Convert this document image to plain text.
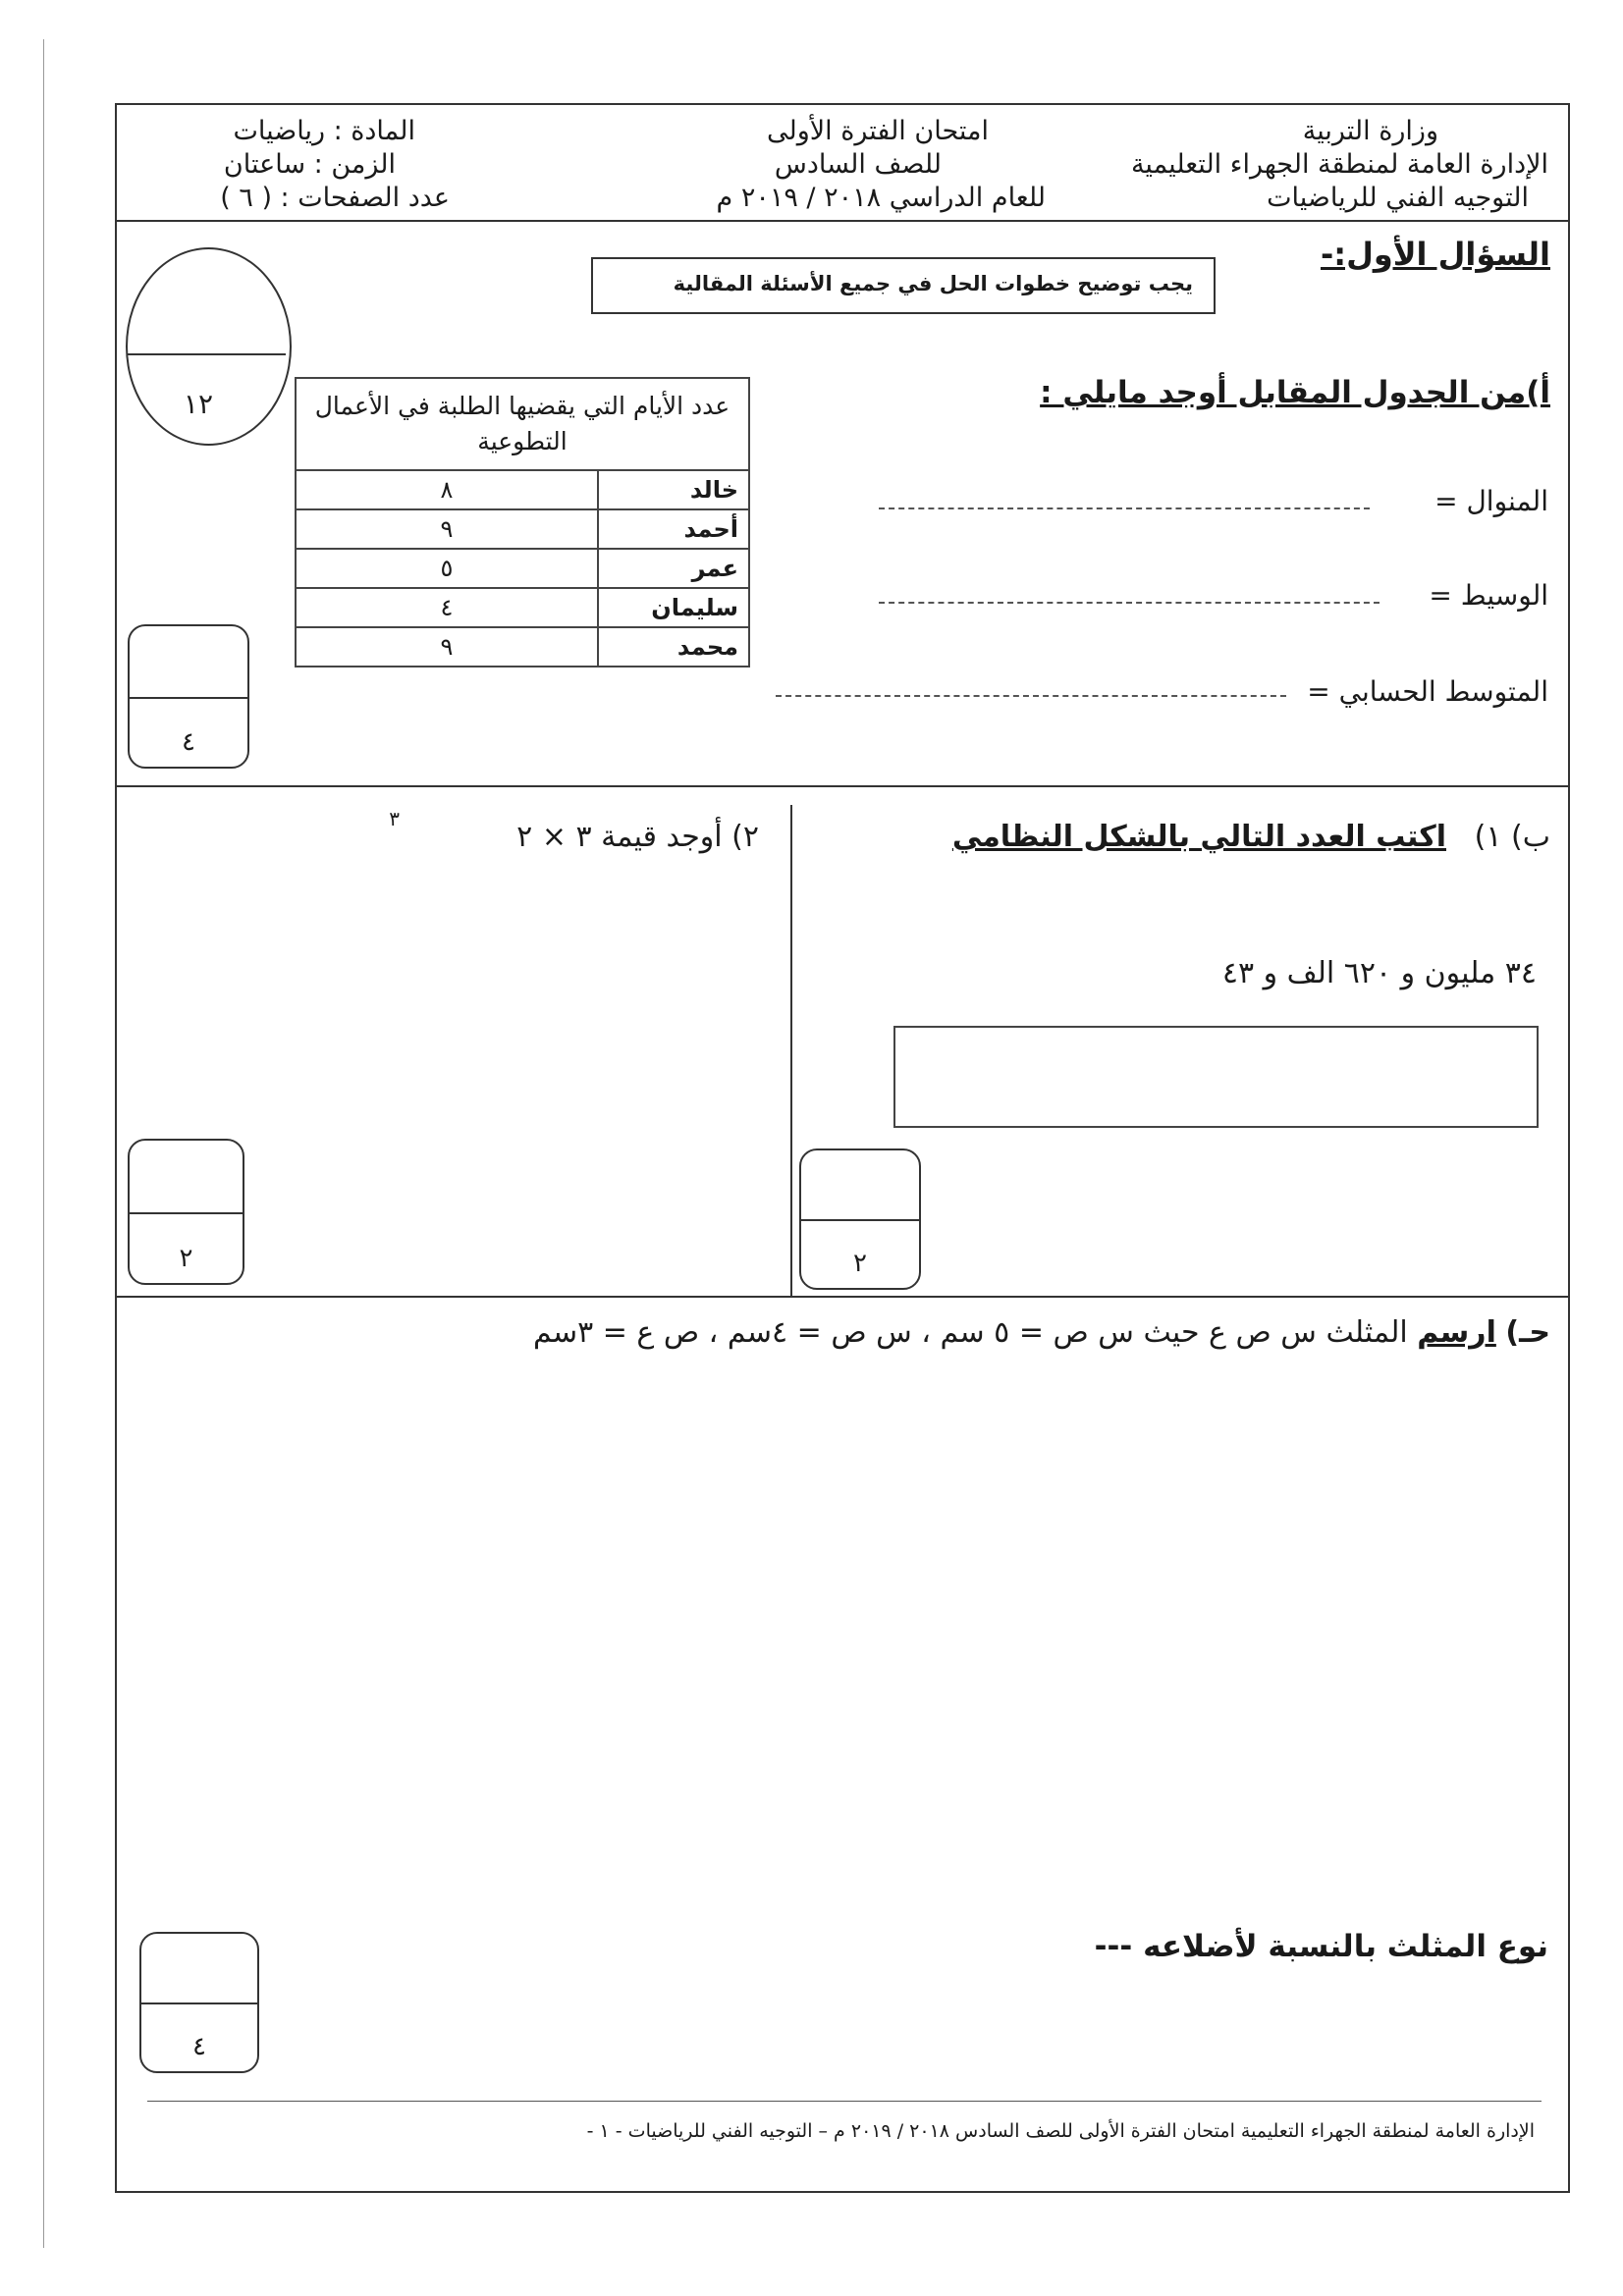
وزارة التربية
الإدارة العامة لمنطقة الجهراء التعليمية
التوجيه الفني للرياضيات
امتحان الفترة الأولى
للصف السادس
للعام الدراسي ٢٠١٨ / ٢٠١٩ م
المادة : رياضيات
الزمن : ساعتان
عدد الصفحات : ( ٦ )
السؤال الأول:-
يجب توضيح خطوات الحل في جميع الأسئلة المقالية
١٢	أ)من الجدول المقابل أوجد مايلي :
عدد الأيام التي يقضيها الطلبة في الأعمال التطوعية	
خالد	٨
أحمد	٩
عمر	٥
سليمان	٤
محمد	٩
المنوال =
الوسيط =
المتوسط الحسابي =
٤
ب) ١)
اكتب العدد التالي بالشكل النظامي
٣٤ مليون و ٦٢٠ الف و ٤٣
٢
٢) أوجد قيمة ٣ × ٢
٣
٢
حـ) ارسم المثلث س ص ع حيث س ص = ٥ سم ، س ص = ٤سم ، ص ع = ٣سم
نوع المثلث بالنسبة لأضلاعه ---
٤
الإدارة العامة لمنطقة الجهراء التعليمية امتحان الفترة الأولى للصف السادس ٢٠١٨ / ٢٠١٩ م – التوجيه الفني للرياضيات - ١ -
